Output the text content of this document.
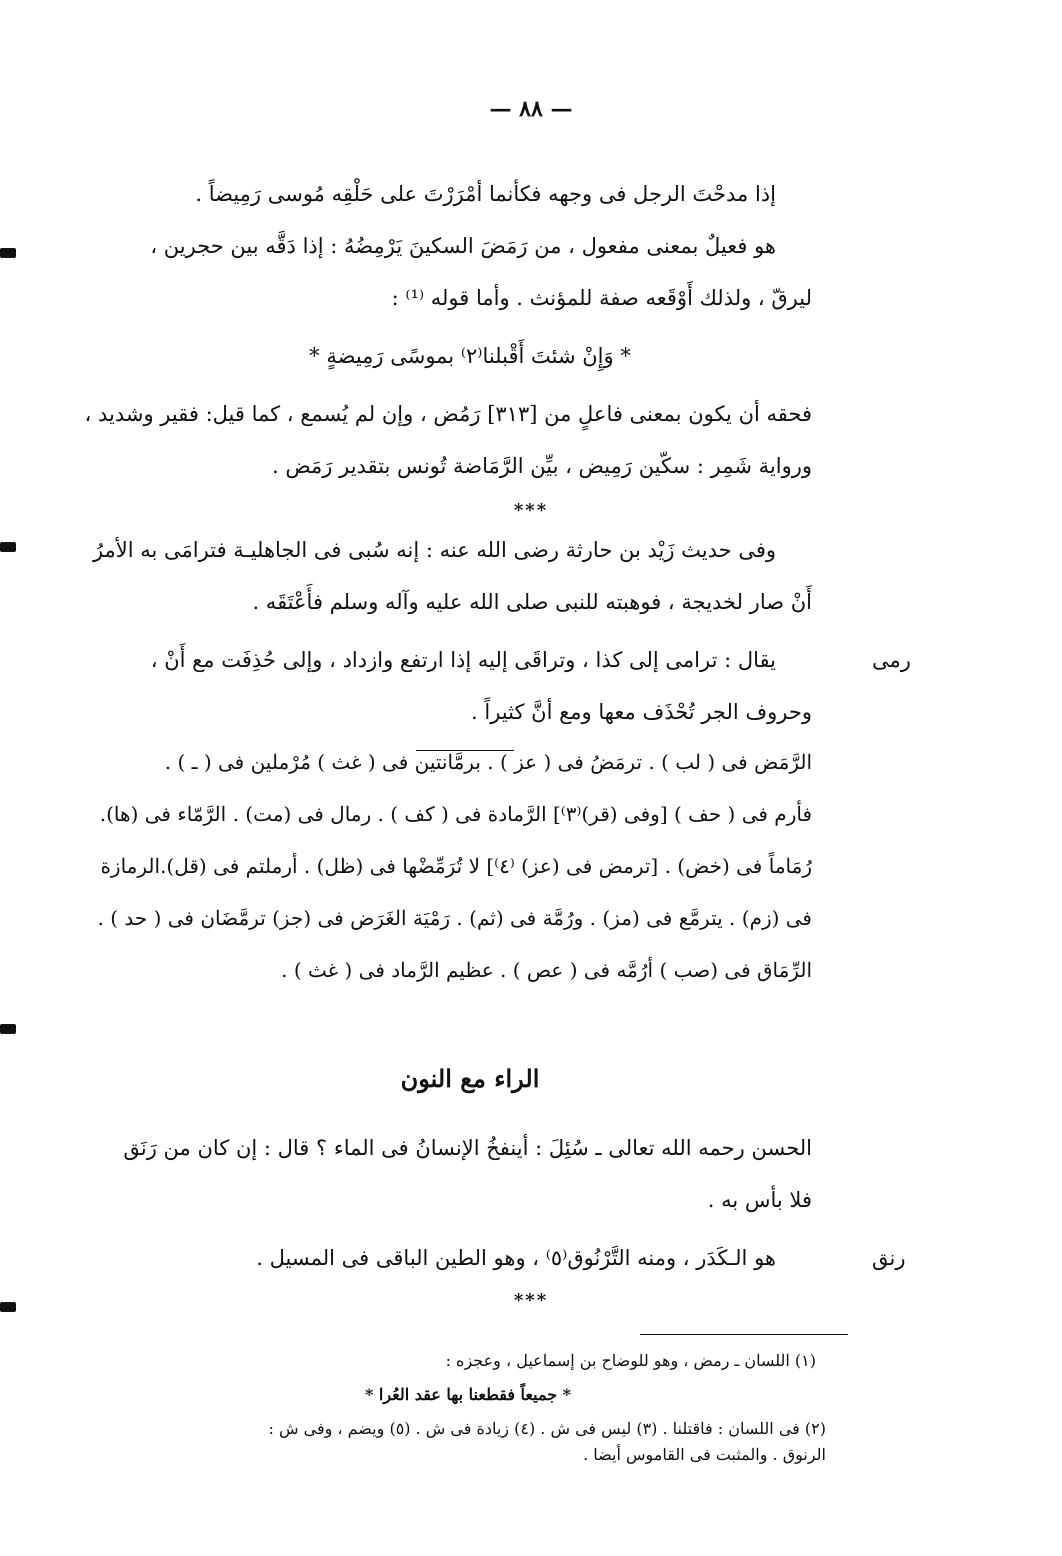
— ٨٨ —
إذا مدحْتَ الرجل فى وجهه فكأنما أمْرَرْتَ على حَلْقِه مُوسى رَمِيضاً .
هو فعيلٌ بمعنى مفعول ، من رَمَضَ السكينَ يَرْمِضُهُ : إذا دَقَّه بين حجرين ،
ليرقّ ، ولذلك أَوْقَعه صفة للمؤنث . وأما قوله ⁽¹⁾ :
* وَإِنْ شئتَ أَقْبلنا⁽٢⁾ بموسًى رَمِيضةٍ *
فحقه أن يكون بمعنى فاعلٍ من [٣١٣] رَمُض ، وإن لم يُسمع ، كما قيل: فقير وشديد ،
ورواية شَمِر : سكّين رَمِيض ، بيِّن الرَّمَاضة تُونس بتقدير رَمَض .
***
وفى حديث زَيْد بن حارثة رضى الله عنه : إنه سُبى فى الجاهليـة فترامَى به الأمرُ
أَنْ صار لخديجة ، فوهبته للنبى صلى الله عليه وآله وسلم فأَعْتَقَه .
يقال : ترامى إلى كذا ، وتراقَى إليه إذا ارتفع وازداد ، وإلى حُذِفَت مع أَنْ ،
وحروف الجر تُحْذَف معها ومع أنَّ كثيراً .
رمى
الرَّمَض فى ( لب ) . ترمَضُ فى ( عز ) . برمَّانتين فى ( غث ) مُرْملين فى ( ـ ) .
فأرم فى ( حف ) [وفى (قر)⁽٣⁾] الرَّمادة فى ( كف ) . رمال فى (مت) . الرَّمّاء فى (ها).
رُمَاماً فى (خض) . [ترمض فى (عز) ⁽٤⁾] لا تُرَمِّضْها فى (ظل) . أرملتم فى (قل).الرمازة
فى (زم) . يترمَّع فى (مز) . ورُمَّة فى (ثم) . رَمْيَة الغَرَض فى (جز) ترمَّضَان فى ( حد ) .
الرِّمَاق فى (صب ) أرُمَّه فى ( عص ) . عظيم الرَّماد فى ( غث ) .
الراء مع النون
الحسن رحمه الله تعالى ـ سُئِلَ : أينفخُ الإنسانُ فى الماء ؟ قال : إن كان من رَنَق
فلا بأس به .
هو الـكَدَر ، ومنه التَّرْنُوق⁽٥⁾ ، وهو الطين الباقى فى المسيل .	رنق
***
(١) اللسان ـ رمض ، وهو للوضاح بن إسماعيل ، وعجزه :
* جميعاً فقطعنا بها عقد العُرا *
(٢) فى اللسان : فاقتلنا . (٣) ليس فى ش . (٤) زيادة فى ش . (٥) ويضم ، وفى ش :
الرنوق . والمثبت فى القاموس أيضا .
